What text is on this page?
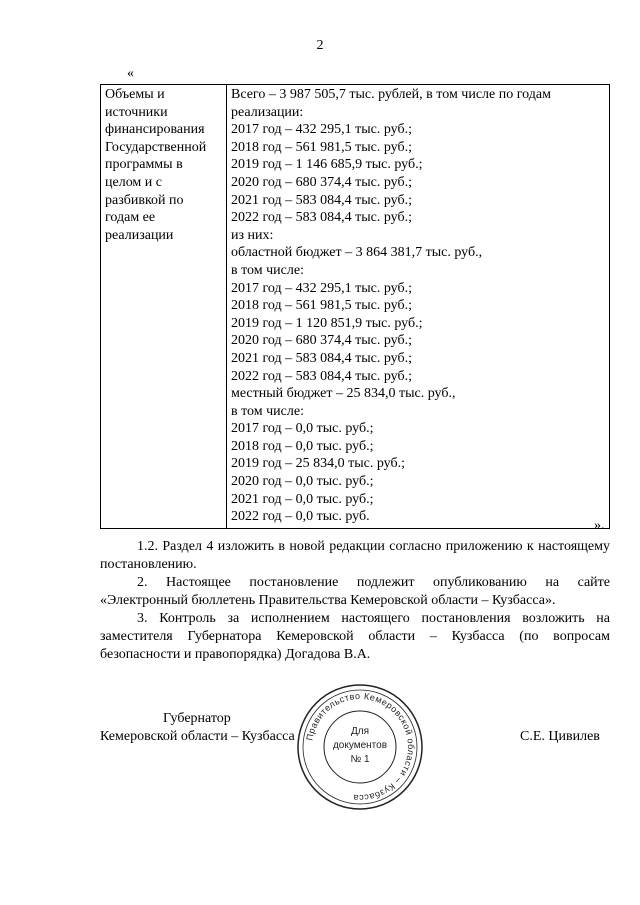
2
«
Объемы и
источники
финансирования
Государственной
программы в
целом и с
разбивкой по
годам ее
реализации

Всего – 3 987 505,7 тыс. рублей, в том числе по годам
реализации:
2017 год – 432 295,1 тыс. руб.;
2018 год – 561 981,5 тыс. руб.;
2019 год – 1 146 685,9 тыс. руб.;
2020 год – 680 374,4 тыс. руб.;
2021 год – 583 084,4 тыс. руб.;
2022 год – 583 084,4 тыс. руб.;
из них:
областной бюджет – 3 864 381,7 тыс. руб.,
в том числе:
2017 год – 432 295,1 тыс. руб.;
2018 год – 561 981,5 тыс. руб.;
2019 год – 1 120 851,9 тыс. руб.;
2020 год – 680 374,4 тыс. руб.;
2021 год – 583 084,4 тыс. руб.;
2022 год – 583 084,4 тыс. руб.;
местный бюджет – 25 834,0 тыс. руб.,
в том числе:
2017 год – 0,0 тыс. руб.;
2018 год – 0,0 тыс. руб.;
2019 год – 25 834,0 тыс. руб.;
2020 год – 0,0 тыс. руб.;
2021 год – 0,0 тыс. руб.;
2022 год – 0,0 тыс. руб.
».
1.2. Раздел 4 изложить в новой редакции согласно приложению к настоящему постановлению.
2. Настоящее постановление подлежит опубликованию на сайте «Электронный бюллетень Правительства Кемеровской области – Кузбасса».
3. Контроль за исполнением настоящего постановления возложить на заместителя Губернатора Кемеровской области – Кузбасса (по вопросам безопасности и правопорядка) Догадова В.А.
Губернатор
Кемеровской области – Кузбасса	С.Е. Цивилев
Правительство Кемеровской области – Кузбасса
Для
документов
№ 1
